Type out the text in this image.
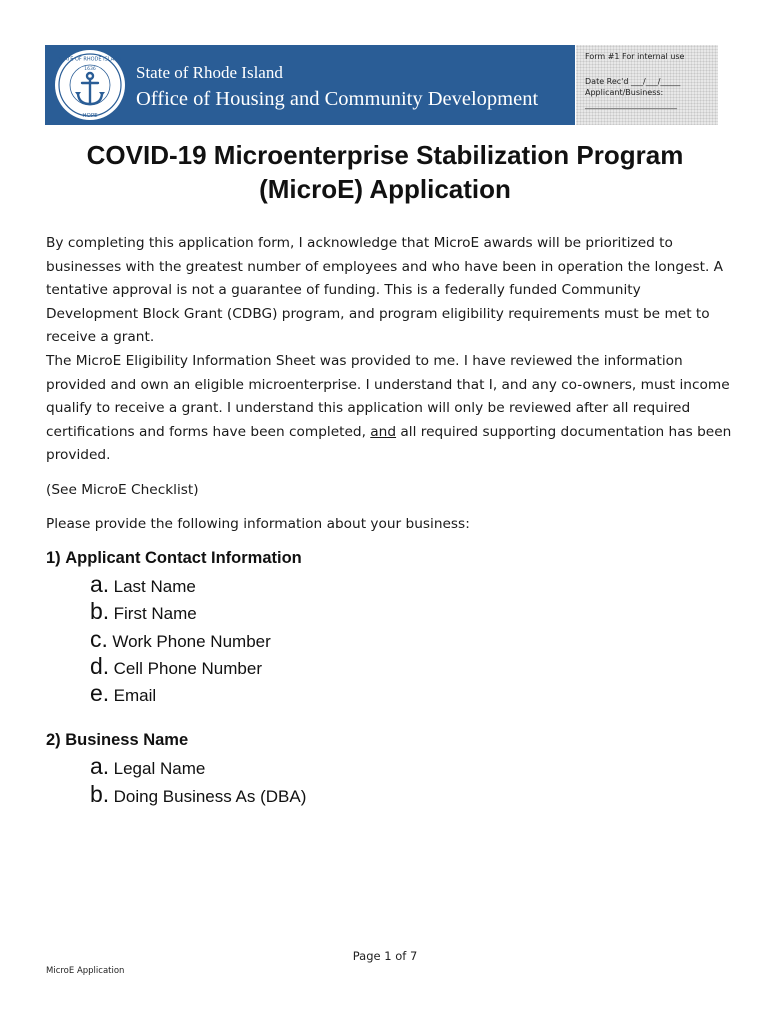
STATE OF RHODE ISLAND
HOPE
1636 State of Rhode Island
Office of Housing and Community Development
Form #1 For internal use
Date Rec'd ___/___/_____
Applicant/Business:
_______________________
COVID-19 Microenterprise Stabilization Program
(MicroE) Application
By completing this application form, I acknowledge that MicroE awards will be prioritized to businesses with the greatest number of employees and who have been in operation the longest. A tentative approval is not a guarantee of funding. This is a federally funded Community Development Block Grant (CDBG) program, and program eligibility requirements must be met to receive a grant.
The MicroE Eligibility Information Sheet was provided to me. I have reviewed the information provided and own an eligible microenterprise. I understand that I, and any co-owners, must income qualify to receive a grant. I understand this application will only be reviewed after all required certifications and forms have been completed, and all required supporting documentation has been provided.
(See MicroE Checklist)
Please provide the following information about your business:
1) Applicant Contact Information
a. Last Name
b. First Name
c. Work Phone Number
d. Cell Phone Number
e. Email
2) Business Name
a. Legal Name
b. Doing Business As (DBA)
Page 1 of 7
MicroE Application
